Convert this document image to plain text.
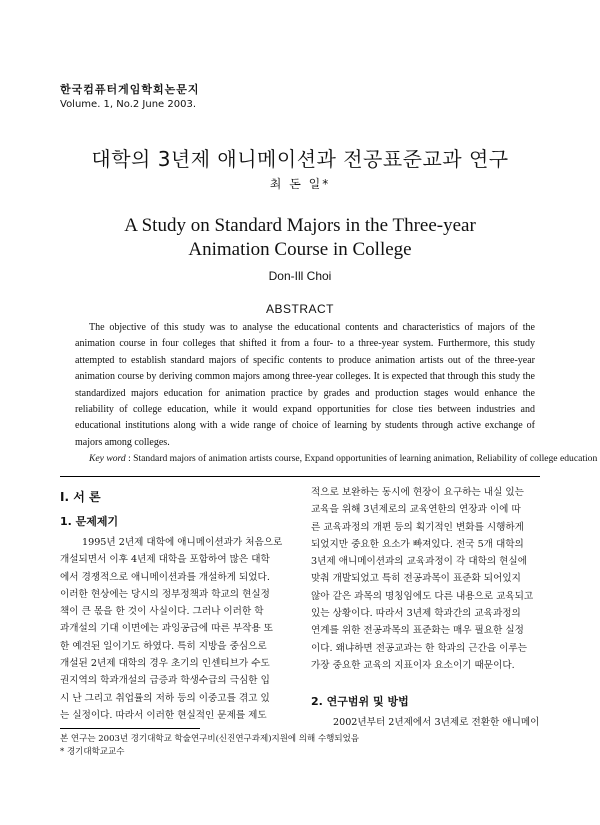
한국컴퓨터게임학회논문지
Volume. 1, No.2 June 2003.
대학의 3년제 애니메이션과 전공표준교과 연구
최 돈 일*
A Study on Standard Majors in the Three-year
Animation Course in College
Don-Ill Choi
ABSTRACT

The objective of this study was to analyse the educational contents and characteristics of majors of the animation course in four colleges that shifted it from a four- to a three-year system. Furthermore, this study attempted to establish standard majors of specific contents to produce animation artists out of the three-year animation course by deriving common majors among three-year colleges. It is expected that through this study the standardized majors education for animation practice by grades and production stages would enhance the reliability of college education, while it would expand opportunities for close ties between industries and educational institutions along with a wide range of choice of learning by students through active exchange of majors among colleges.

Key word : Standard majors of animation artists course, Expand opportunities of learning animation, Reliability of college education
Ⅰ. 서 론
1. 문제제기

1995년 2년제 대학에 애니메이션과가 처음으로
개설되면서 이후 4년제 대학을 포함하여 많은 대학
에서 경쟁적으로 애니메이션과를 개설하게 되었다.
이러한 현상에는 당시의 정부정책과 학교의 현실정
책이 큰 몫을 한 것이 사실이다. 그러나 이러한 학
과개설의 기대 이면에는 과잉공급에 따른 부작용 또
한 예견된 일이기도 하였다. 특히 지방을 중심으로
개설된 2년제 대학의 경우 초기의 인센티브가 수도
권지역의 학과개설의 급증과 학생수급의 극심한 입
시 난 그리고 취업률의 저하 등의 이중고를 겪고 있
는 실정이다. 따라서 이러한 현실적인 문제를 제도

적으로 보완하는 동시에 현장이 요구하는 내실 있는
교육을 위해 3년제로의 교육연한의 연장과 이에 따
른 교육과정의 개편 등의 획기적인 변화를 시행하게
되었지만 중요한 요소가 빠져있다. 전국 5개 대학의
3년제 애니메이션과의 교육과정이 각 대학의 현실에
맞춰 개발되었고 특히 전공과목이 표준화 되어있지
않아 같은 과목의 명칭임에도 다른 내용으로 교육되고
있는 상황이다. 따라서 3년제 학과간의 교육과정의
연계를 위한 전공과목의 표준화는 매우 필요한 실정
이다. 왜냐하면 전공교과는 한 학과의 근간을 이루는
가장 중요한 교육의 지표이자 요소이기 때문이다.

2. 연구범위 및 방법

2002년부터 2년제에서 3년제로 전환한 애니메이

본 연구는 2003년 경기대학교 학술연구비(신진연구과제)지원에 의해 수행되었음
* 경기대학교교수
